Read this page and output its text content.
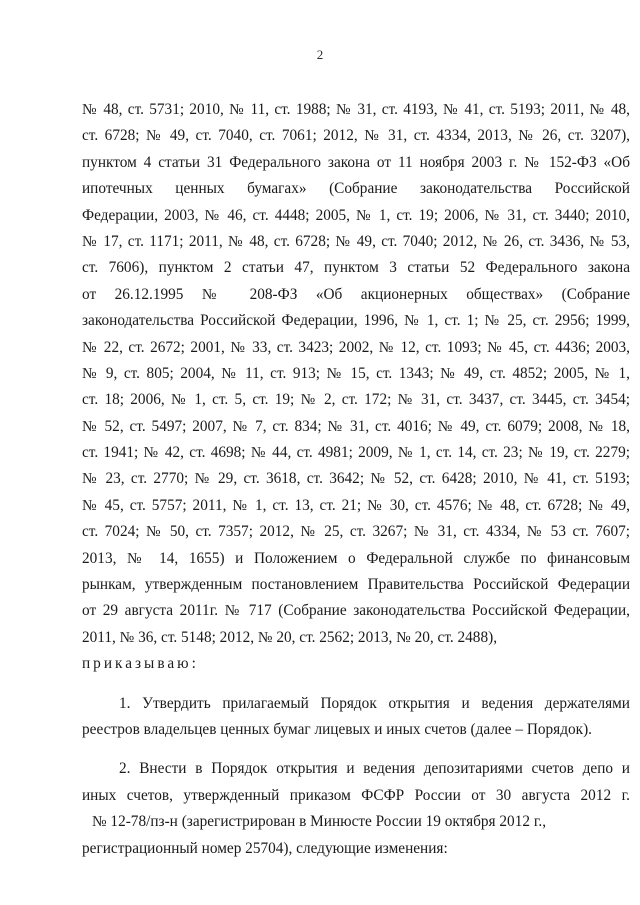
2
№ 48, ст. 5731; 2010, № 11, ст. 1988; № 31, ст. 4193, № 41, ст. 5193; 2011, № 48,
ст. 6728; № 49, ст. 7040, ст. 7061; 2012, № 31, ст. 4334, 2013, № 26, ст. 3207),
пунктом 4 статьи 31 Федерального закона от 11 ноября 2003 г. № 152-ФЗ «Об
ипотечных ценных бумагах» (Собрание законодательства Российской
Федерации, 2003, № 46, ст. 4448; 2005, № 1, ст. 19; 2006, № 31, ст. 3440; 2010,
№ 17, ст. 1171; 2011, № 48, ст. 6728; № 49, ст. 7040; 2012, № 26, ст. 3436, № 53,
ст. 7606), пунктом 2 статьи 47, пунктом 3 статьи 52 Федерального закона
от 26.12.1995 № 208-ФЗ «Об акционерных обществах» (Собрание
законодательства Российской Федерации, 1996, № 1, ст. 1; № 25, ст. 2956; 1999,
№ 22, ст. 2672; 2001, № 33, ст. 3423; 2002, № 12, ст. 1093; № 45, ст. 4436; 2003,
№ 9, ст. 805; 2004, № 11, ст. 913; № 15, ст. 1343; № 49, ст. 4852; 2005, № 1,
ст. 18; 2006, № 1, ст. 5, ст. 19; № 2, ст. 172; № 31, ст. 3437, ст. 3445, ст. 3454;
№ 52, ст. 5497; 2007, № 7, ст. 834; № 31, ст. 4016; № 49, ст. 6079; 2008, № 18,
ст. 1941; № 42, ст. 4698; № 44, ст. 4981; 2009, № 1, ст. 14, ст. 23; № 19, ст. 2279;
№ 23, ст. 2770; № 29, ст. 3618, ст. 3642; № 52, ст. 6428; 2010, № 41, ст. 5193;
№ 45, ст. 5757; 2011, № 1, ст. 13, ст. 21; № 30, ст. 4576; № 48, ст. 6728; № 49,
ст. 7024; № 50, ст. 7357; 2012, № 25, ст. 3267; № 31, ст. 4334, № 53 ст. 7607;
2013, № 14, 1655) и Положением о Федеральной службе по финансовым
рынкам, утвержденным постановлением Правительства Российской Федерации
от 29 августа 2011г. № 717 (Собрание законодательства Российской Федерации,
2011, № 36, ст. 5148; 2012, № 20, ст. 2562; 2013, № 20, ст. 2488),
приказываю:
1. Утвердить прилагаемый Порядок открытия и ведения держателями
реестров владельцев ценных бумаг лицевых и иных счетов (далее – Порядок).
2. Внести в Порядок открытия и ведения депозитариями счетов депо и
иных счетов, утвержденный приказом ФСФР России от 30 августа 2012 г.
№ 12-78/пз-н (зарегистрирован в Минюсте России 19 октября 2012 г.,
регистрационный номер 25704), следующие изменения:
